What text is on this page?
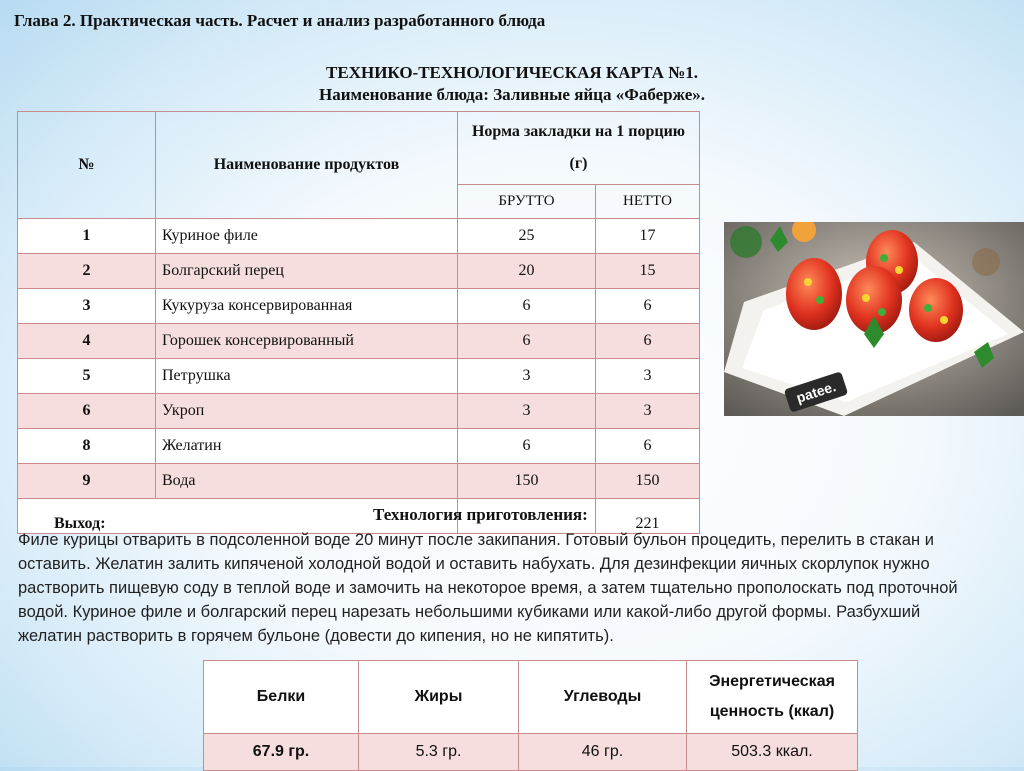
Глава 2. Практическая часть. Расчет и анализ разработанного блюда
ТЕХНИКО-ТЕХНОЛОГИЧЕСКАЯ КАРТА №1.
Наименование блюда: Заливные яйца «Фаберже».
№	Наименование продуктов	Норма закладки на 1 порцию (г)	
		БРУТТО	НЕТТО
1	Куриное филе	25	17
2	Болгарский перец	20	15
3	Кукуруза консервированная	6	6
4	Горошек консервированный	6	6
5	Петрушка	3	3
6	Укроп	3	3
8	Желатин	6	6
9	Вода	150	150
Выход:			221
patee.
Технология приготовления:
Филе курицы отварить в подсоленной воде 20 минут после закипания. Готовый бульон процедить, перелить в стакан и оставить. Желатин залить кипяченой холодной водой и оставить набухать. Для дезинфекции яичных скорлупок нужно растворить пищевую соду в теплой воде и замочить на некоторое время, а затем тщательно прополоскать под проточной водой. Куриное филе и болгарский перец нарезать небольшими кубиками или какой-либо другой формы. Разбухший желатин растворить в горячем бульоне (довести до кипения, но не кипятить).
Белки	Жиры	Углеводы	Энергетическая ценность (ккал)
67.9 гр.	5.3 гр.	46 гр.	503.3 ккал.
